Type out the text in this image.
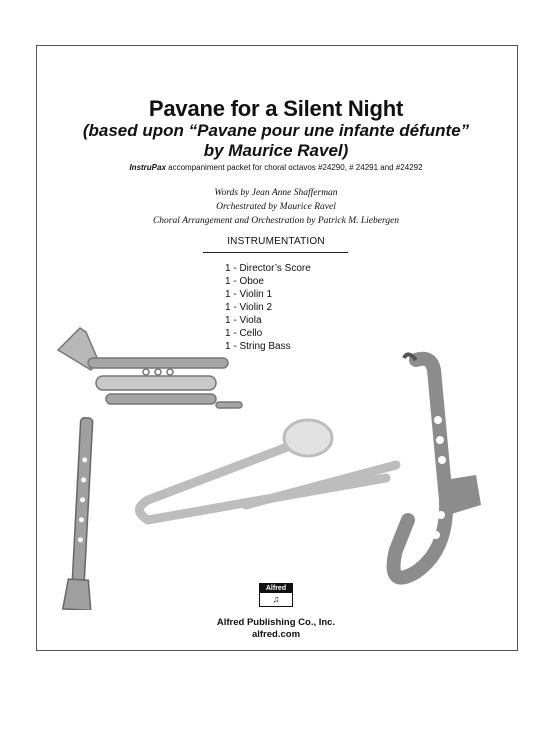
Pavane for a Silent Night
(based upon “Pavane pour une infante défunte”
by Maurice Ravel)
InstruPax accompaniment packet for choral octavos #24290, # 24291 and #24292
Words by Jean Anne Shafferman
Orchestrated by Maurice Ravel
Choral Arrangement and Orchestration by Patrick M. Liebergen
INSTRUMENTATION
1 - Director’s Score
1 - Oboe
1 - Violin 1
1 - Violin 2
1 - Viola
1 - Cello
1 - String Bass
Alfred
♫
Alfred Publishing Co., Inc.
alfred.com
